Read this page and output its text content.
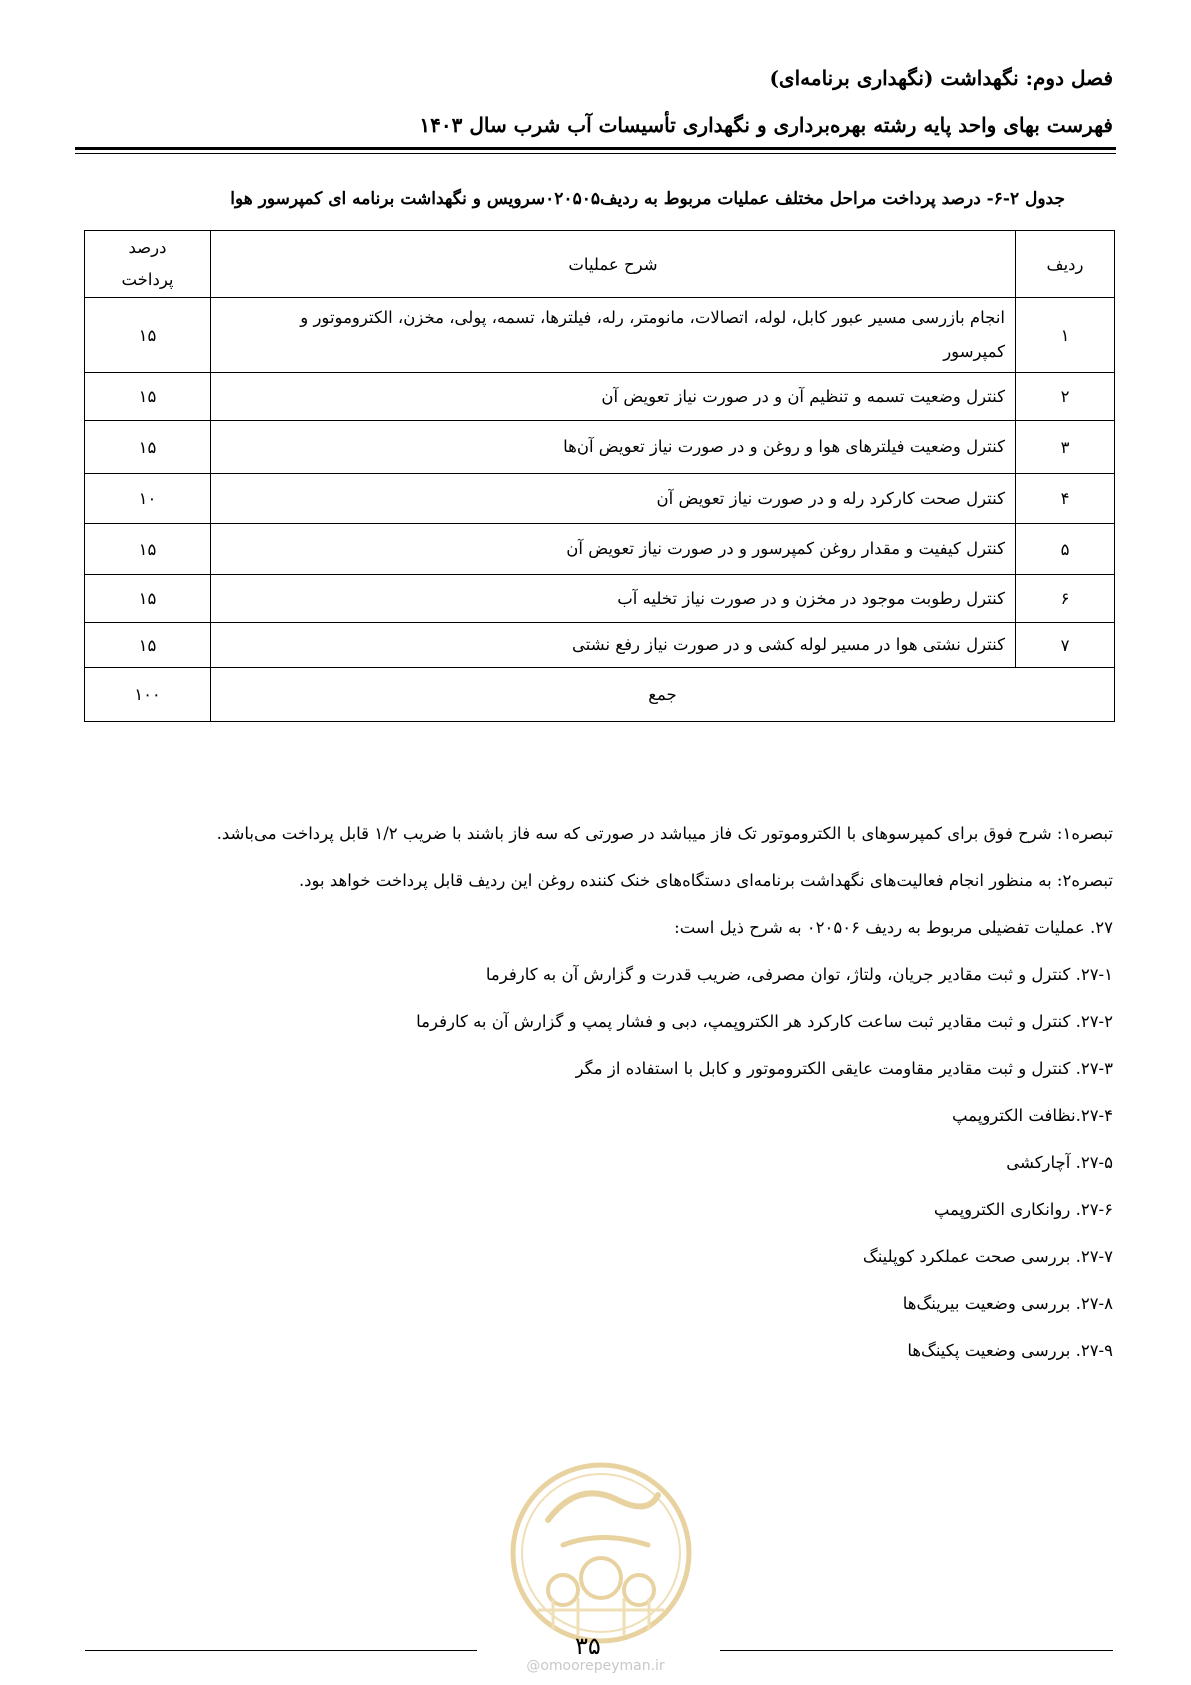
فصل دوم: نگهداشت (نگهداری برنامه‌ای)
فهرست بهای واحد پایه رشته بهره‌برداری و نگهداری تأسیسات آب شرب سال ۱۴۰۳
جدول ۲-۶- درصد پرداخت مراحل مختلف عملیات مربوط به ردیف۰۲۰۵۰۵سرویس و نگهداشت برنامه ای کمپرسور هوا
ردیف	شرح عملیات	درصد
پرداخت

۱	انجام بازرسی مسیر عبور کابل، لوله، اتصالات، مانومتر، رله، فیلترها، تسمه، پولی، مخزن، الکتروموتور و
کمپرسور	۱۵
۲	کنترل وضعیت تسمه و تنظیم آن و در صورت نیاز تعویض آن	۱۵
۳	کنترل وضعیت فیلترهای هوا و روغن و در صورت نیاز تعویض آن‌ها	۱۵
۴	کنترل صحت کارکرد رله و در صورت نیاز تعویض آن	۱۰
۵	کنترل کیفیت و مقدار روغن کمپرسور و در صورت نیاز تعویض آن	۱۵
۶	کنترل رطوبت موجود در مخزن و در صورت نیاز تخلیه آب	۱۵
۷	کنترل نشتی هوا در مسیر لوله کشی و در صورت نیاز رفع نشتی	۱۵
جمع		۱۰۰
تبصره۱: شرح فوق برای کمپرسوهای با الکتروموتور تک فاز میباشد در صورتی که سه فاز باشند با ضریب ۱/۲ قابل پرداخت می‌باشد.
تبصره۲: به منظور انجام فعالیت‌های نگهداشت برنامه‌ای دستگاه‌های خنک کننده روغن این ردیف قابل پرداخت خواهد بود.
۲۷. عملیات تفضیلی مربوط به ردیف ۰۲۰۵۰۶ به شرح ذیل است:
۲۷-۱. کنترل و ثبت مقادیر جریان، ولتاژ، توان مصرفی، ضریب قدرت و گزارش آن به کارفرما
۲۷-۲. کنترل و ثبت مقادیر ثبت ساعت کارکرد هر الکتروپمپ، دبی و فشار پمپ و گزارش آن به کارفرما
۲۷-۳. کنترل و ثبت مقادیر مقاومت عایقی الکتروموتور و کابل با استفاده از مگر
۲۷-۴.نظافت الکتروپمپ
۲۷-۵. آچارکشی
۲۷-۶. روانکاری الکتروپمپ
۲۷-۷. بررسی صحت عملکرد کوپلینگ
۲۷-۸. بررسی وضعیت بیرینگ‌ها
۲۷-۹. بررسی وضعیت پکینگ‌ها
۳۵
@omoorepeyman.ir
